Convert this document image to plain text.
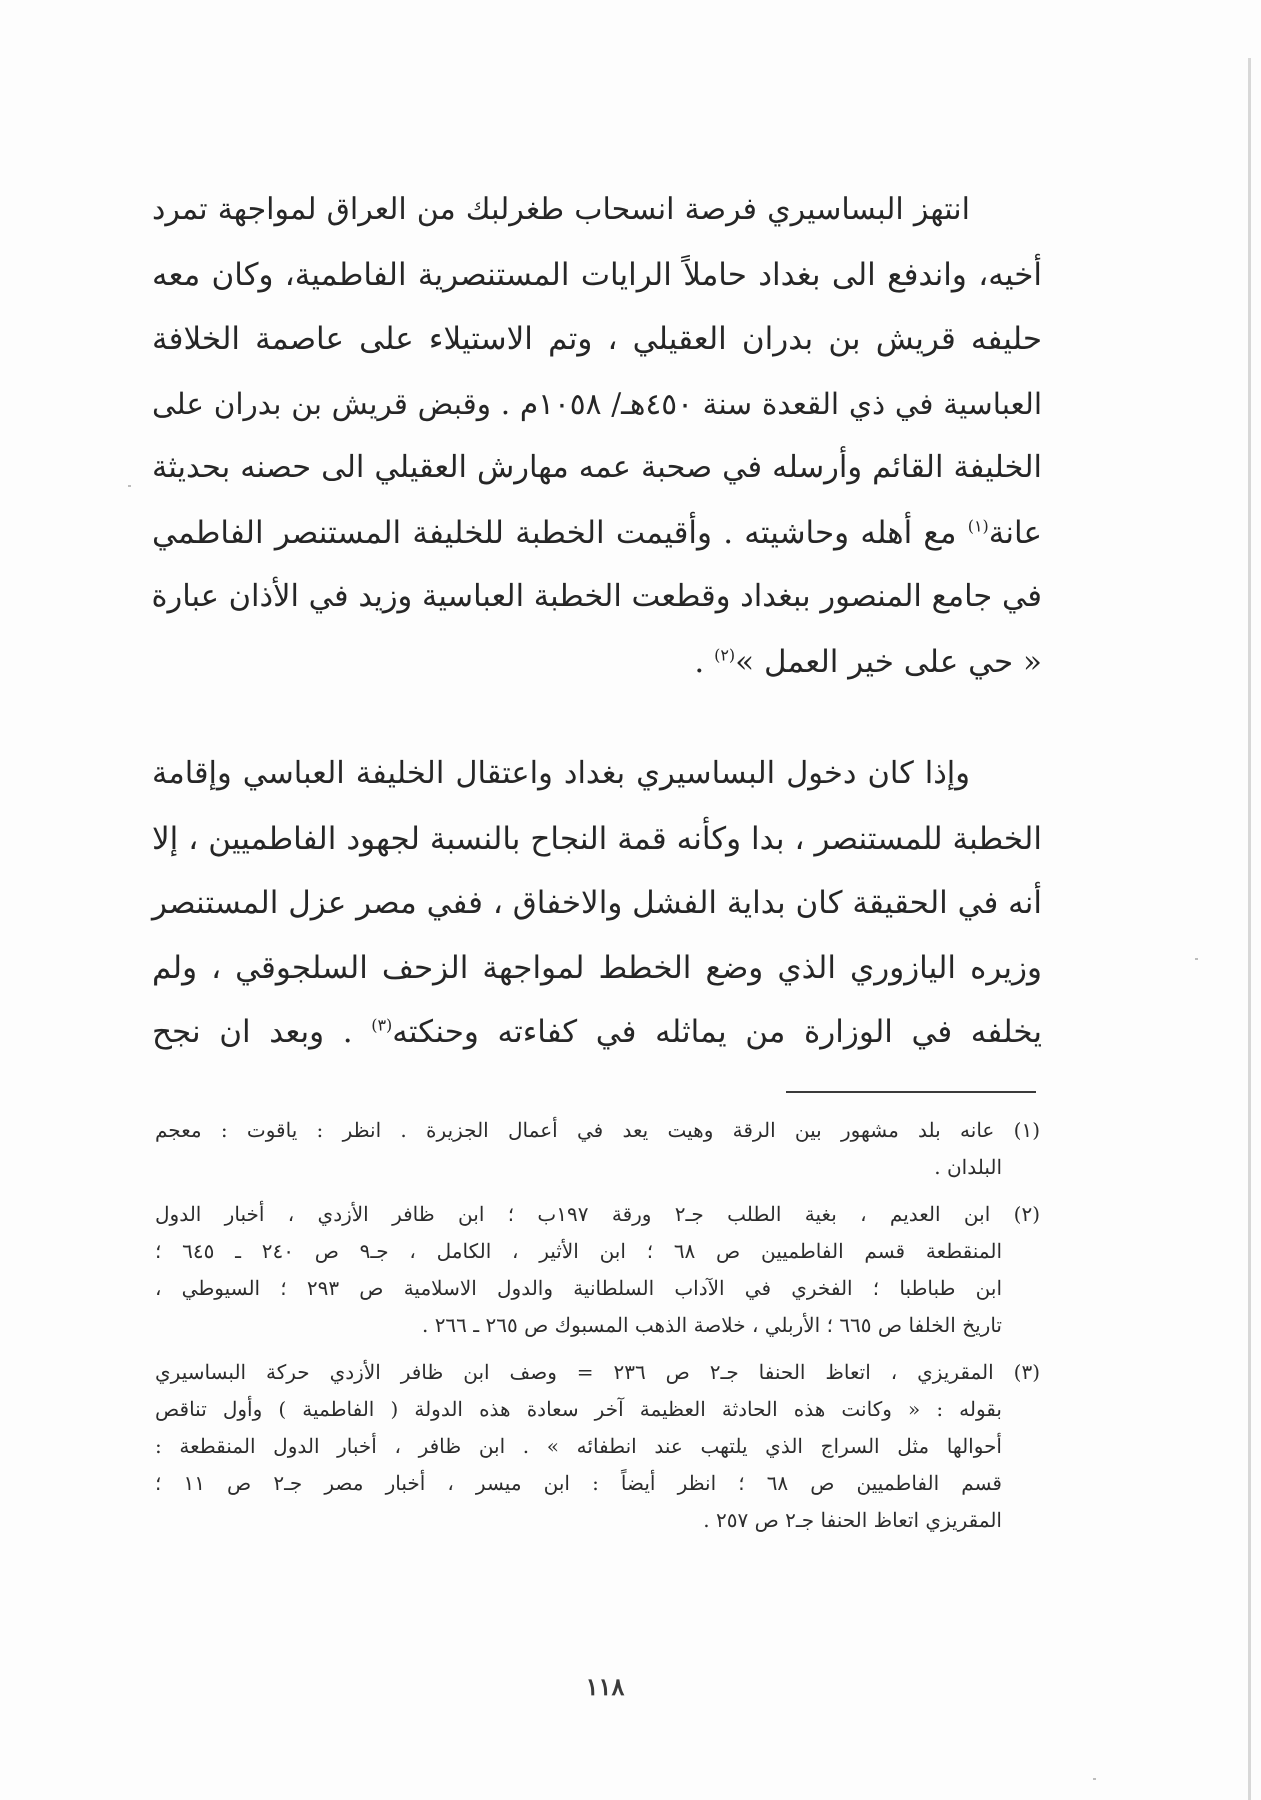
انتهز البساسيري فرصة انسحاب طغرلبك من العراق لمواجهة تمرد
أخيه، واندفع الى بغداد حاملاً الرايات المستنصرية الفاطمية، وكان معه
حليفه قريش بن بدران العقيلي ، وتم الاستيلاء على عاصمة الخلافة
العباسية في ذي القعدة سنة ٤٥٠هـ/ ١٠٥٨م . وقبض قريش بن بدران على
الخليفة القائم وأرسله في صحبة عمه مهارش العقيلي الى حصنه بحديثة
عانة$^{(١)}$ مع أهله وحاشيته . وأقيمت الخطبة للخليفة المستنصر الفاطمي
في جامع المنصور ببغداد وقطعت الخطبة العباسية وزيد في الأذان عبارة
« حي على خير العمل »$^{(٢)}$ .

وإذا كان دخول البساسيري بغداد واعتقال الخليفة العباسي وإقامة
الخطبة للمستنصر ، بدا وكأنه قمة النجاح بالنسبة لجهود الفاطميين ، إلا
أنه في الحقيقة كان بداية الفشل والاخفاق ، ففي مصر عزل المستنصر
وزيره اليازوري الذي وضع الخطط لمواجهة الزحف السلجوقي ، ولم
يخلفه في الوزارة من يماثله في كفاءته وحنكته$^{(٣)}$ . وبعد ان نجح

(١) عانه بلد مشهور بين الرقة وهيت يعد في أعمال الجزيرة . انظر : ياقوت : معجم
البلدان .
(٢) ابن العديم ، بغية الطلب جـ٢ ورقة ١٩٧ب ؛ ابن ظافر الأزدي ، أخبار الدول
المنقطعة قسم الفاطميين ص ٦٨ ؛ ابن الأثير ، الكامل ، جـ٩ ص ٢٤٠ ـ ٦٤٥ ؛
ابن طباطبا ؛ الفخري في الآداب السلطانية والدول الاسلامية ص ٢٩٣ ؛ السيوطي ،
تاريخ الخلفا ص ٦٦٥ ؛ الأربلي ، خلاصة الذهب المسبوك ص ٢٦٥ ـ ٢٦٦ .
(٣) المقريزي ، اتعاظ الحنفا جـ٢ ص ٢٣٦ = وصف ابن ظافر الأزدي حركة البساسيري
بقوله : « وكانت هذه الحادثة العظيمة آخر سعادة هذه الدولة ( الفاطمية ) وأول تناقص
أحوالها مثل السراج الذي يلتهب عند انطفائه » . ابن ظافر ، أخبار الدول المنقطعة :
قسم الفاطميين ص ٦٨ ؛ انظر أيضاً : ابن ميسر ، أخبار مصر جـ٢ ص ١١ ؛
المقريزي اتعاظ الحنفا جـ٢ ص ٢٥٧ .
١١٨
